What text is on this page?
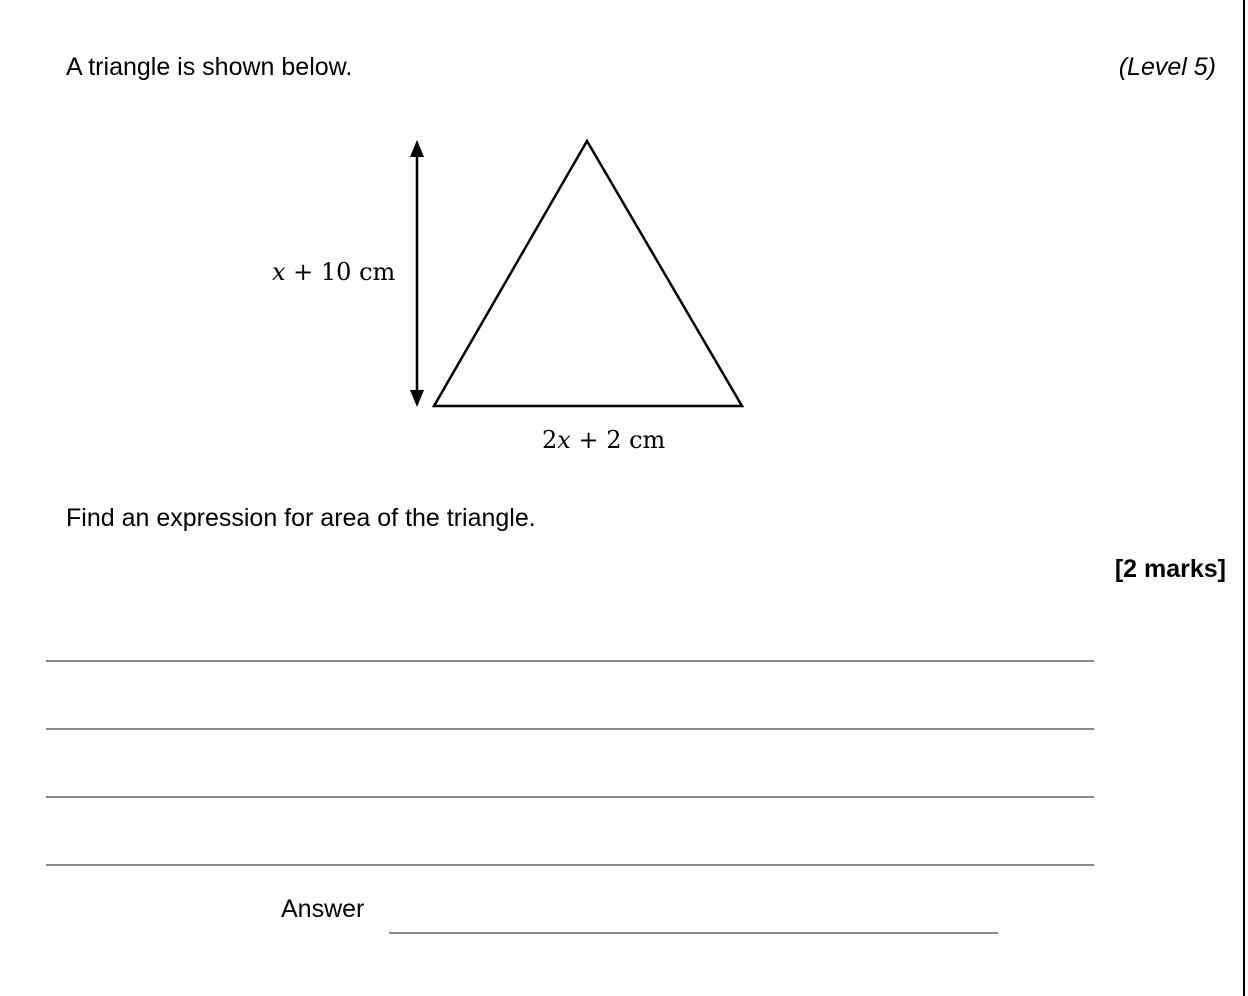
A triangle is shown below.	(Level 5)
x + 10 cm
2x + 2 cm
Find an expression for area of the triangle.
[2 marks]
Answer
